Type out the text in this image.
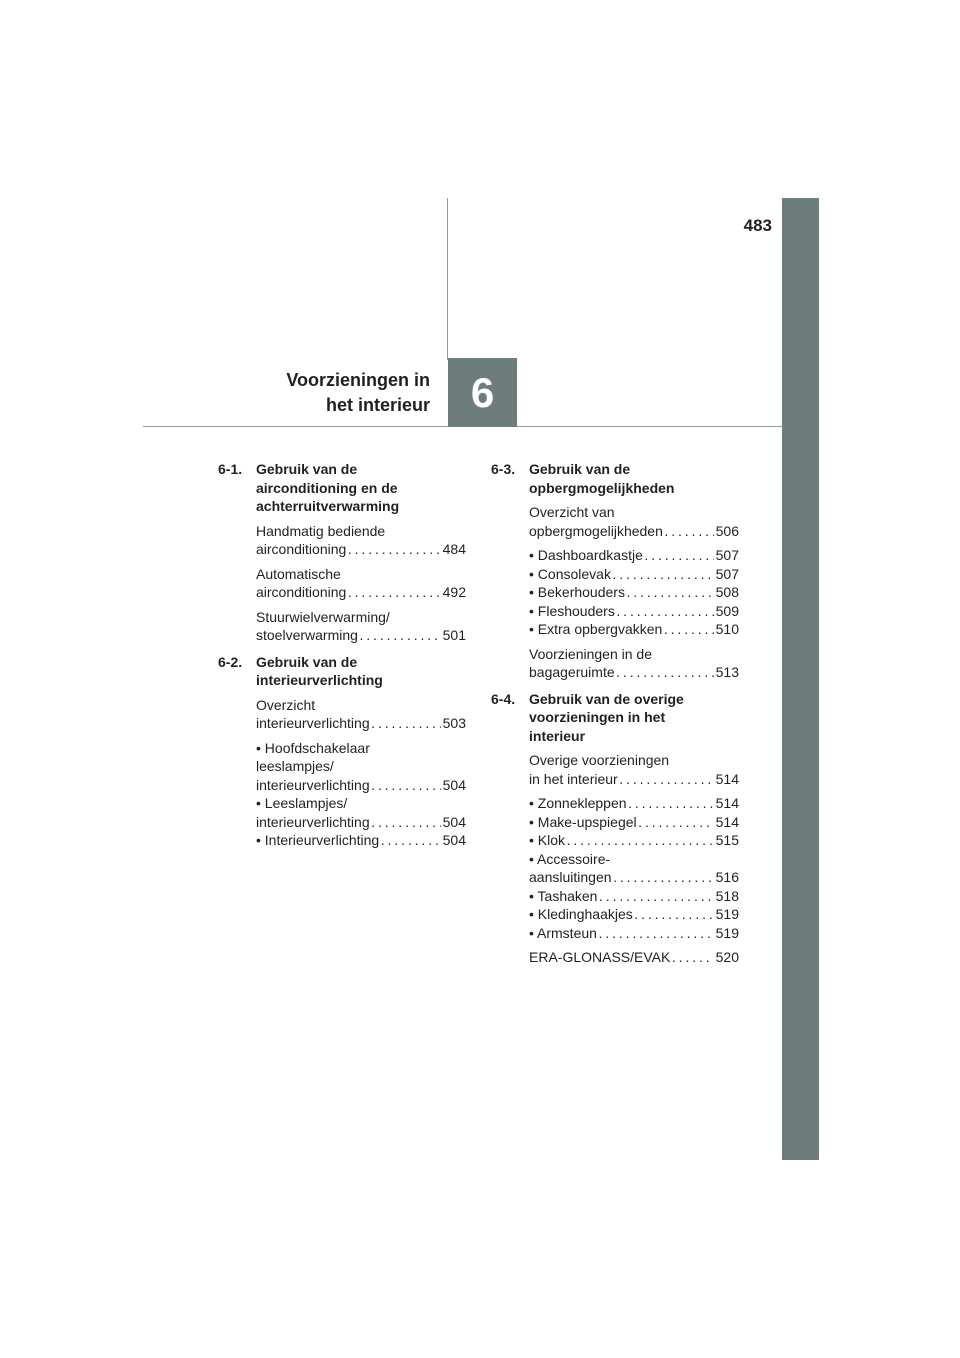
483
6
Voorzieningen in
het interieur
6-1. Gebruik van de
airconditioning en de
achterruitverwarming
Handmatig bediende
airconditioning . . .	484
Automatische
airconditioning . . .	492
Stuurwielverwarming/
stoelverwarming . . .	501
6-2. Gebruik van de
interieurverlichting
Overzicht
interieurverlichting . . .	503
• Hoofdschakelaar
leeslampjes/
interieurverlichting . . .	504
• Leeslampjes/
interieurverlichting . . .	504
• Interieurverlichting . . .	504
6-3. Gebruik van de
opbergmogelijkheden
Overzicht van
opbergmogelijkheden . . .	506
• Dashboardkastje . . .	507
• Consolevak . . .	507
• Bekerhouders . . .	508
• Fleshouders . . .	509
• Extra opbergvakken . . .	510
Voorzieningen in de
bagageruimte . . .	513
6-4. Gebruik van de overige
voorzieningen in het
interieur
Overige voorzieningen
in het interieur . . .	514
• Zonnekleppen . . .	514
• Make-upspiegel . . .	514
• Klok . . .	515
• Accessoire-
aansluitingen . . .	516
• Tashaken . . .	518
• Kledinghaakjes . . .	519
• Armsteun . . .	519
ERA-GLONASS/EVAK . . .	520
